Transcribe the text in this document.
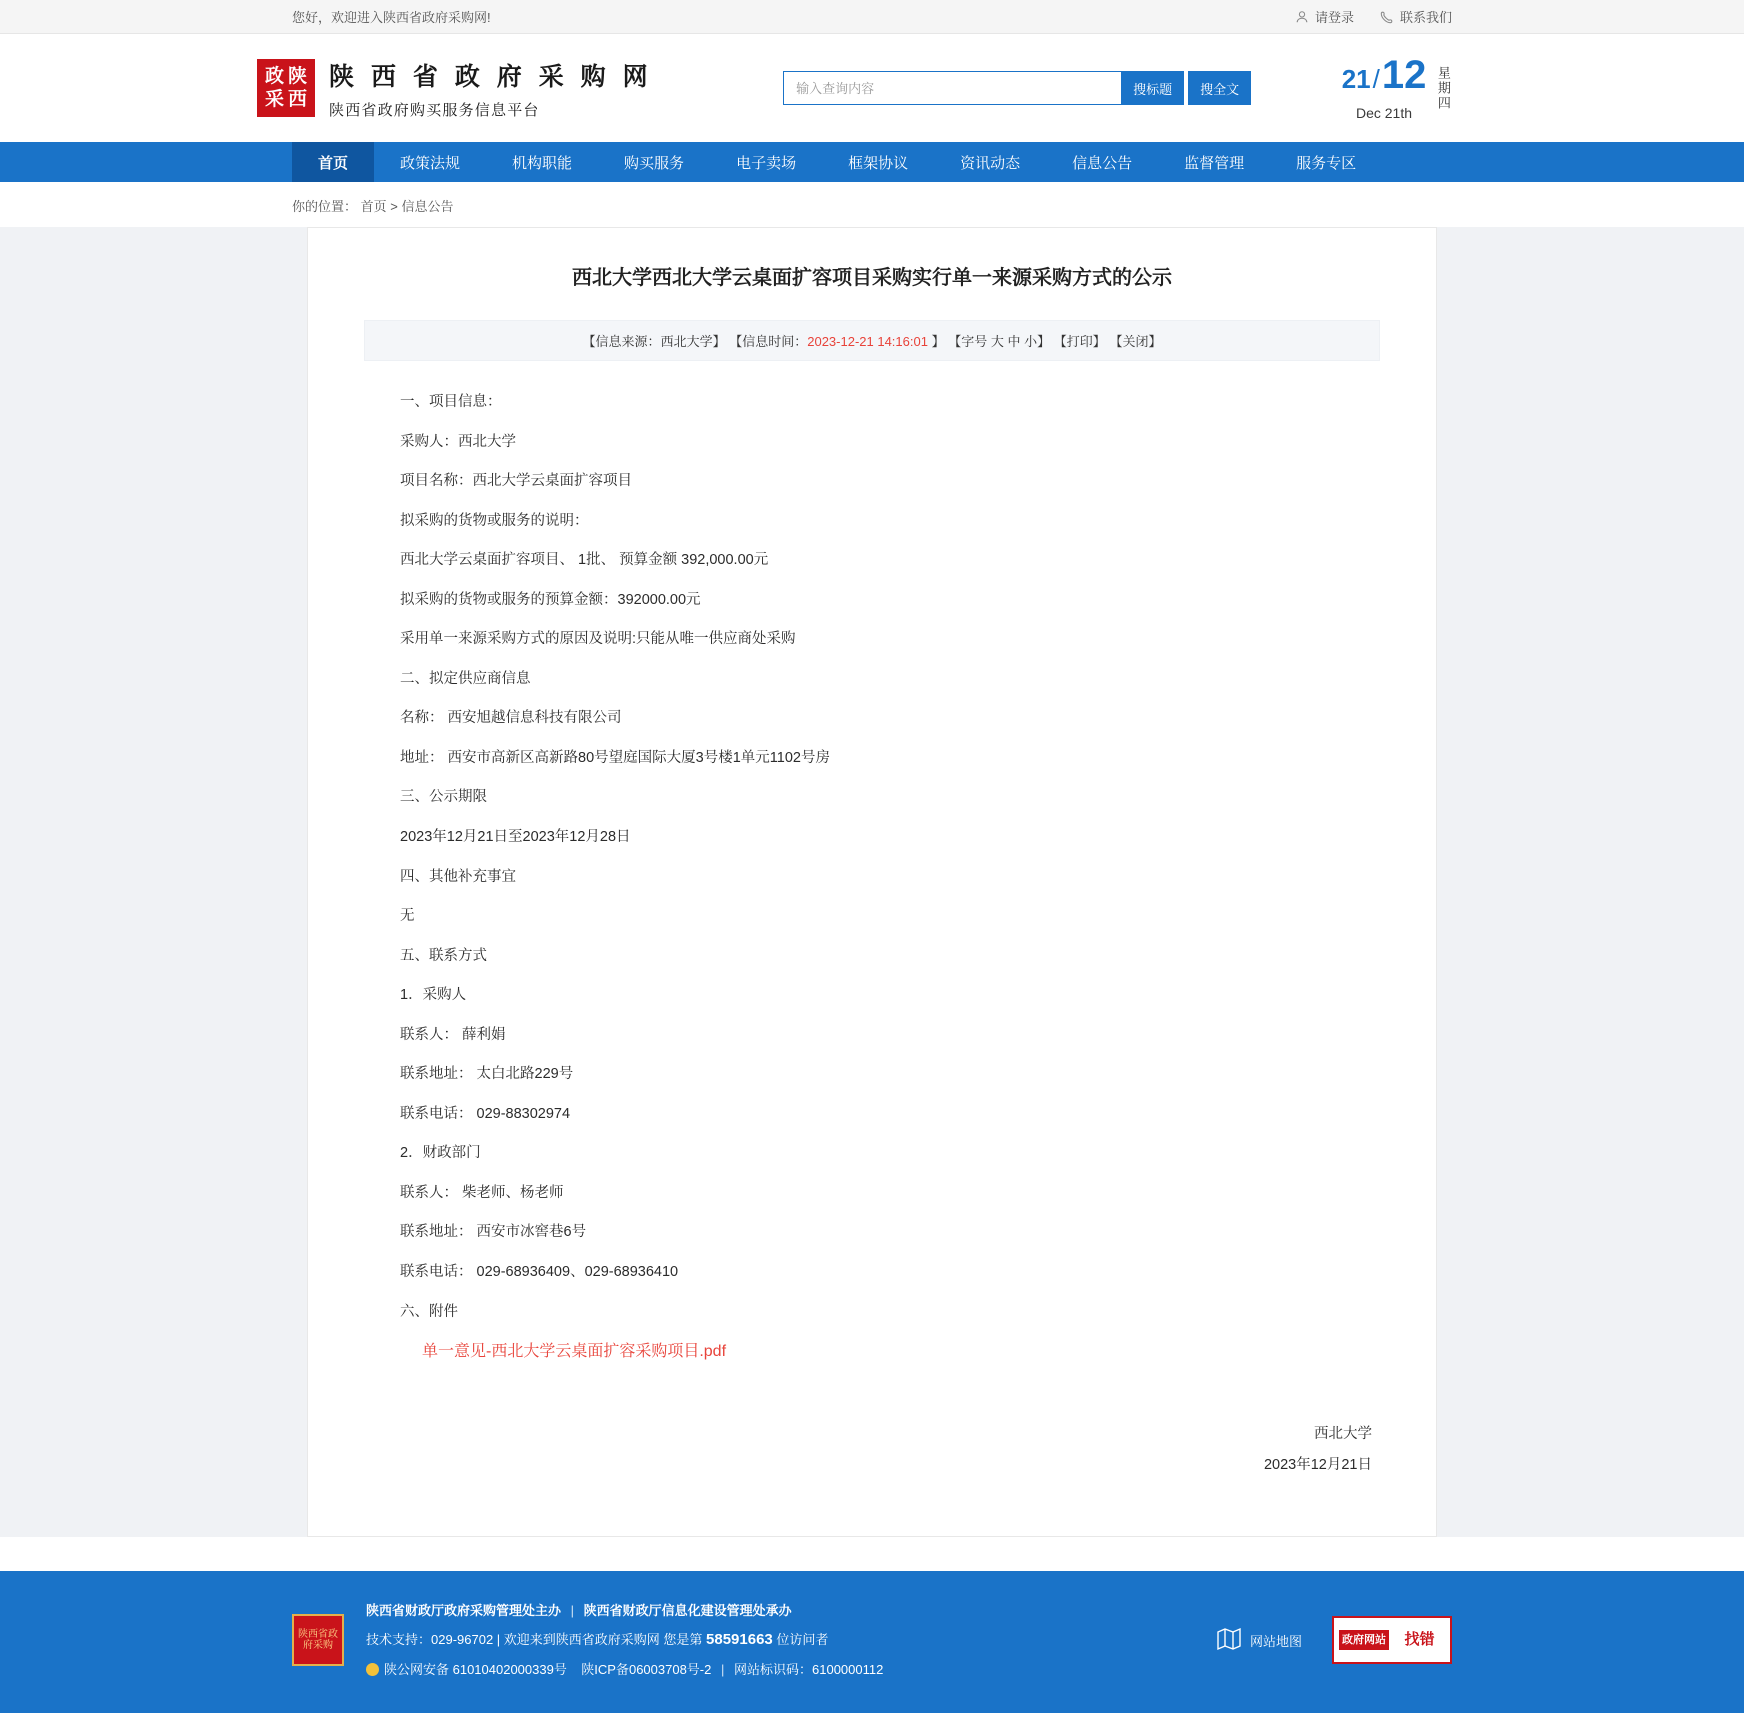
您好，欢迎进入陕西省政府采购网!	请登录	联系我们
政 陕
采 西
陕 西 省 政 府 采 购 网
陕西省政府购买服务信息平台
输入查询内容
搜标题	搜全文	21 / 12
Dec 21th
星期四
首页	政策法规	机构职能	购买服务	电子卖场	框架协议	资讯动态	信息公告	监督管理	服务专区
你的位置： 首页 > 信息公告
西北大学西北大学云桌面扩容项目采购实行单一来源采购方式的公示
【信息来源：西北大学】 【信息时间：2023-12-21 14:16:01 】 【字号 大 中 小】 【打印】 【关闭】

一、项目信息：

采购人：西北大学

项目名称：西北大学云桌面扩容项目

拟采购的货物或服务的说明：

西北大学云桌面扩容项目、 1批、 预算金额 392,000.00元

拟采购的货物或服务的预算金额：392000.00元

采用单一来源采购方式的原因及说明:只能从唯一供应商处采购

二、拟定供应商信息

名称： 西安旭越信息科技有限公司

地址： 西安市高新区高新路80号望庭国际大厦3号楼1单元1102号房

三、公示期限

2023年12月21日至2023年12月28日

四、其他补充事宜

无

五、联系方式

1．采购人

联系人： 薛利娟

联系地址： 太白北路229号

联系电话： 029-88302974

2．财政部门

联系人： 柴老师、杨老师

联系地址： 西安市冰窖巷6号

联系电话： 029-68936409、029-68936410

六、附件

单一意见-西北大学云桌面扩容采购项目.pdf
西北大学
2023年12月21日
陕西省政府采购
陕西省财政厅政府采购管理处主办 | 陕西省财政厅信息化建设管理处承办
技术支持：029-96702 | 欢迎来到陕西省政府采购网 您是第 58591663 位访问者
陕公网安备 61010402000339号 陕ICP备06003708号-2 | 网站标识码：6100000112
网站地图	政府网站	找错
